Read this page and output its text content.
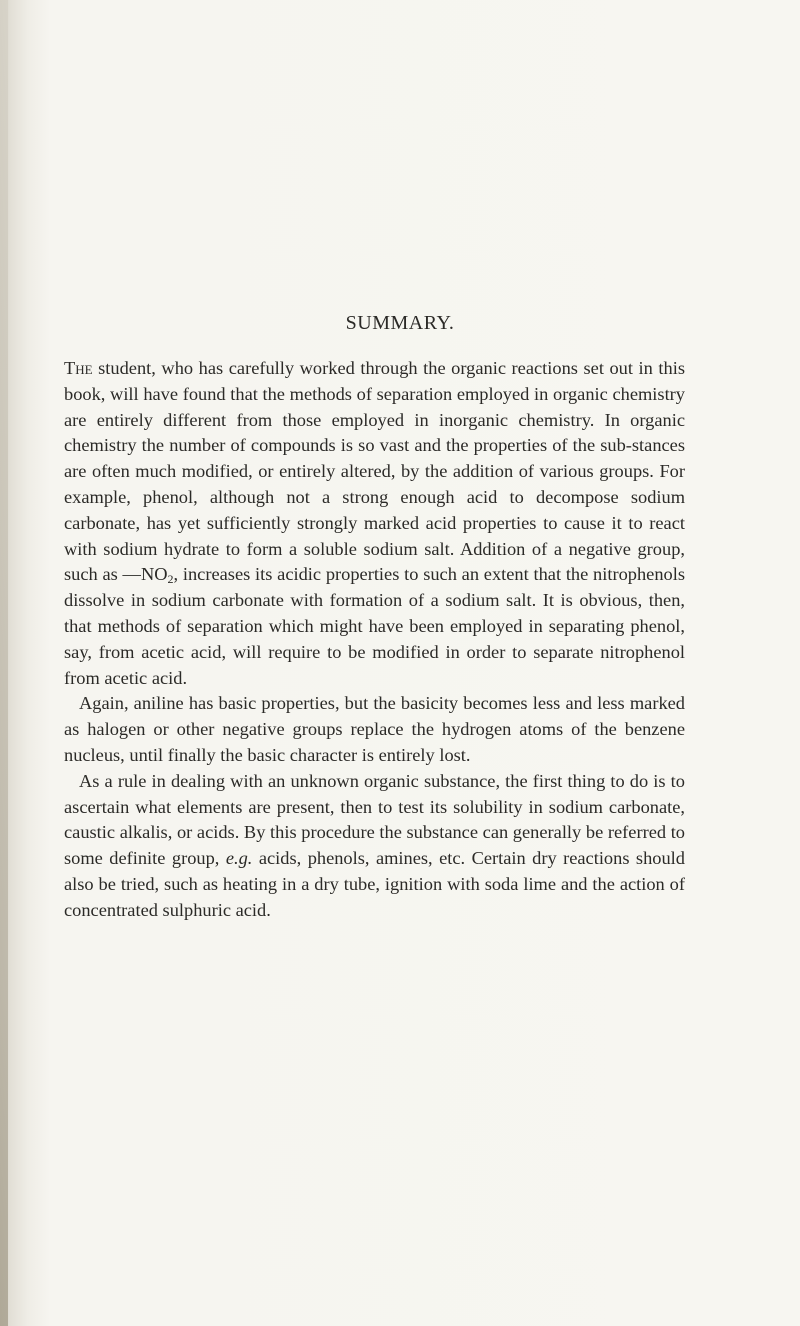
SUMMARY.

The student, who has carefully worked through the organic reactions set out in this book, will have found that the methods of separation employed in organic chemistry are entirely different from those employed in inorganic chemistry. In organic chemistry the number of compounds is so vast and the properties of the sub-stances are often much modified, or entirely altered, by the addition of various groups. For example, phenol, although not a strong enough acid to decompose sodium carbonate, has yet sufficiently strongly marked acid properties to cause it to react with sodium hydrate to form a soluble sodium salt. Addition of a negative group, such as $—NO_2$, increases its acidic properties to such an extent that the nitrophenols dissolve in sodium carbonate with formation of a sodium salt. It is obvious, then, that methods of separation which might have been employed in separating phenol, say, from acetic acid, will require to be modified in order to separate nitrophenol from acetic acid.

Again, aniline has basic properties, but the basicity becomes less and less marked as halogen or other negative groups replace the hydrogen atoms of the benzene nucleus, until finally the basic character is entirely lost.

As a rule in dealing with an unknown organic substance, the first thing to do is to ascertain what elements are present, then to test its solubility in sodium carbonate, caustic alkalis, or acids. By this procedure the substance can generally be referred to some definite group, e.g. acids, phenols, amines, etc. Certain dry reactions should also be tried, such as heating in a dry tube, ignition with soda lime and the action of concentrated sulphuric acid.
